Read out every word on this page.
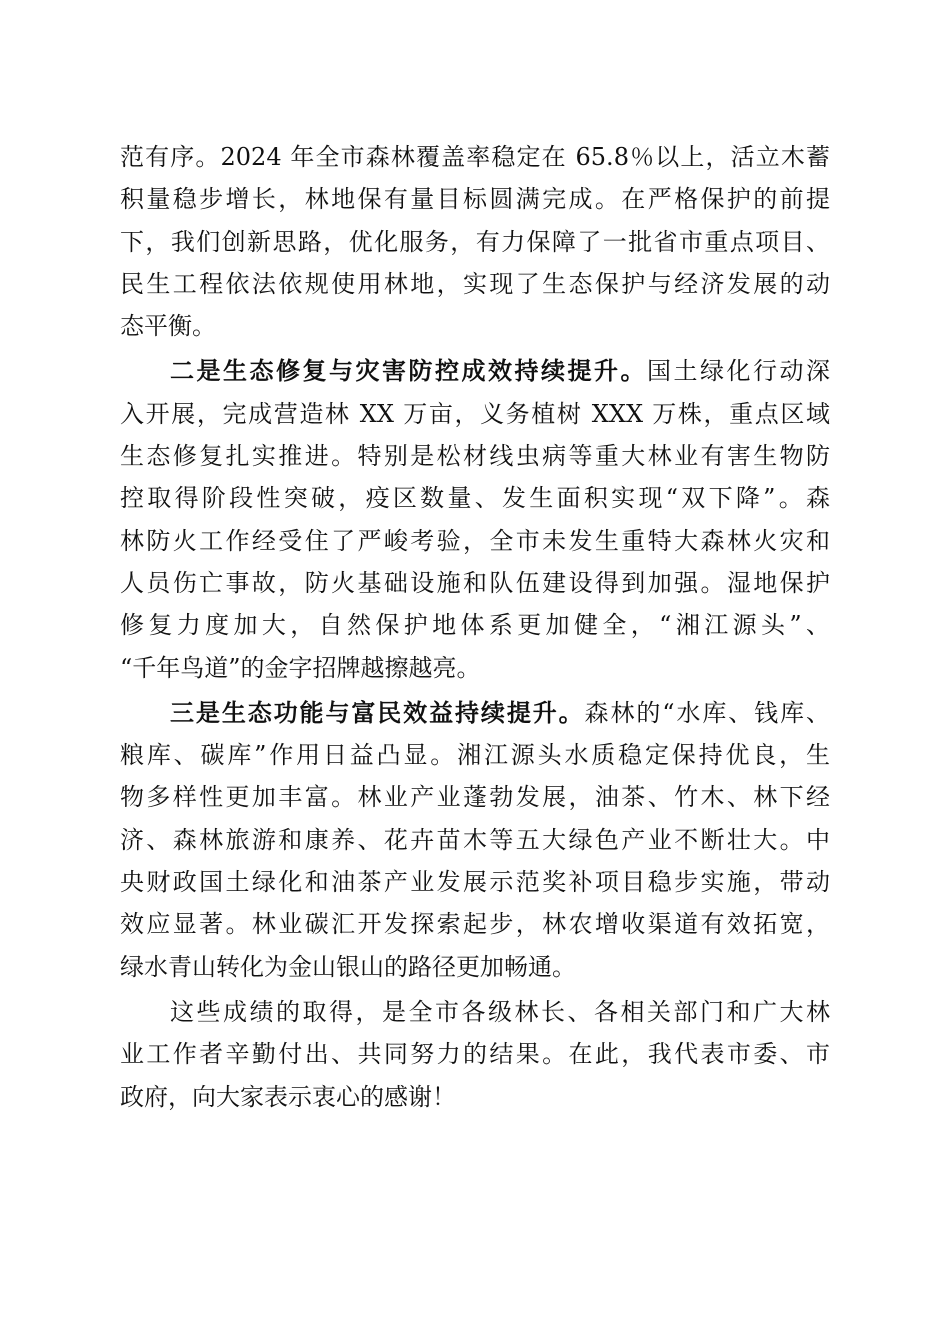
范有序。2024 年全市森林覆盖率稳定在 65.8％以上，活立木蓄
积量稳步增长，林地保有量目标圆满完成。在严格保护的前提
下，我们创新思路，优化服务，有力保障了一批省市重点项目、
民生工程依法依规使用林地，实现了生态保护与经济发展的动
态平衡。
二是生态修复与灾害防控成效持续提升。国土绿化行动深
入开展，完成营造林 XX 万亩，义务植树 XXX 万株，重点区域
生态修复扎实推进。特别是松材线虫病等重大林业有害生物防
控取得阶段性突破，疫区数量、发生面积实现“双下降”。森
林防火工作经受住了严峻考验，全市未发生重特大森林火灾和
人员伤亡事故，防火基础设施和队伍建设得到加强。湿地保护
修复力度加大，自然保护地体系更加健全，“湘江源头”、
“千年鸟道”的金字招牌越擦越亮。
三是生态功能与富民效益持续提升。森林的“水库、钱库、
粮库、碳库”作用日益凸显。湘江源头水质稳定保持优良，生
物多样性更加丰富。林业产业蓬勃发展，油茶、竹木、林下经
济、森林旅游和康养、花卉苗木等五大绿色产业不断壮大。中
央财政国土绿化和油茶产业发展示范奖补项目稳步实施，带动
效应显著。林业碳汇开发探索起步，林农增收渠道有效拓宽，
绿水青山转化为金山银山的路径更加畅通。
这些成绩的取得，是全市各级林长、各相关部门和广大林
业工作者辛勤付出、共同努力的结果。在此，我代表市委、市
政府，向大家表示衷心的感谢！
